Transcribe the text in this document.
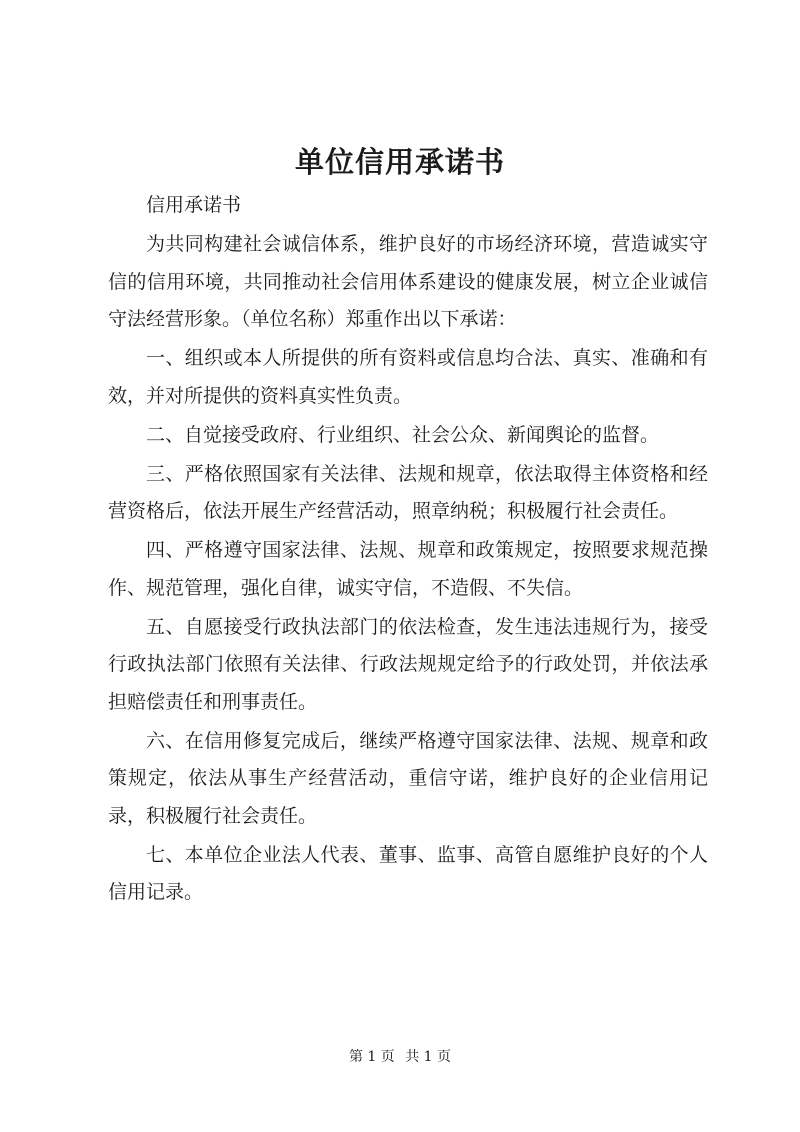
单位信用承诺书

信用承诺书

为共同构建社会诚信体系，维护良好的市场经济环境，营造诚实守信的信用环境，共同推动社会信用体系建设的健康发展，树立企业诚信守法经营形象。（单位名称）郑重作出以下承诺：

一、组织或本人所提供的所有资料或信息均合法、真实、准确和有效，并对所提供的资料真实性负责。

二、自觉接受政府、行业组织、社会公众、新闻舆论的监督。

三、严格依照国家有关法律、法规和规章，依法取得主体资格和经营资格后，依法开展生产经营活动，照章纳税；积极履行社会责任。

四、严格遵守国家法律、法规、规章和政策规定，按照要求规范操作、规范管理，强化自律，诚实守信，不造假、不失信。

五、自愿接受行政执法部门的依法检查，发生违法违规行为，接受行政执法部门依照有关法律、行政法规规定给予的行政处罚，并依法承担赔偿责任和刑事责任。

六、在信用修复完成后，继续严格遵守国家法律、法规、规章和政策规定，依法从事生产经营活动，重信守诺，维护良好的企业信用记录，积极履行社会责任。

七、本单位企业法人代表、董事、监事、高管自愿维护良好的个人信用记录。

第 1 页 共 1 页
